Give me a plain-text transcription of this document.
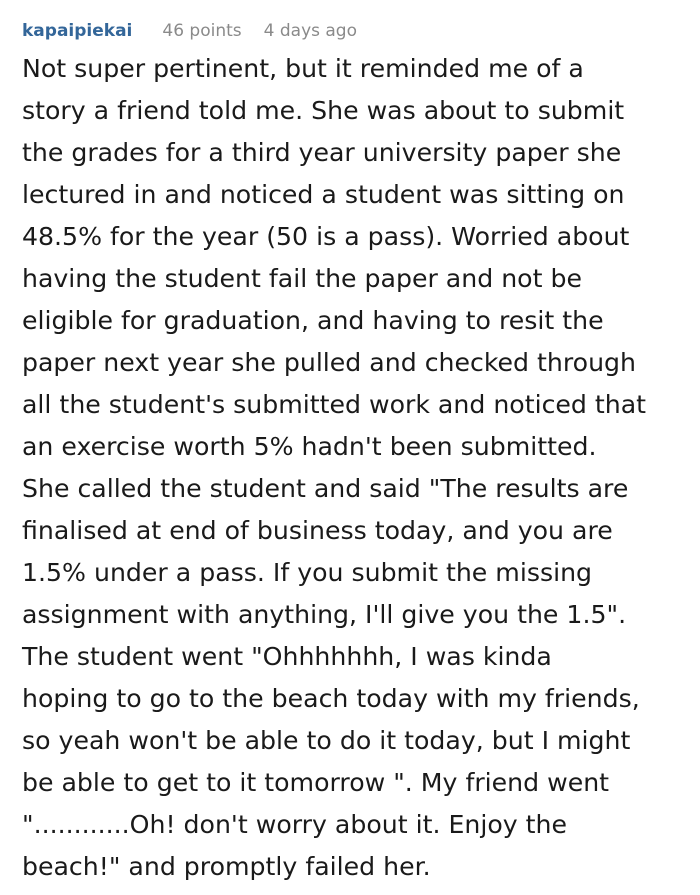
kapaipiekai 46 points 4 days ago

Not super pertinent, but it reminded me of a
story a friend told me. She was about to submit
the grades for a third year university paper she
lectured in and noticed a student was sitting on
48.5% for the year (50 is a pass). Worried about
having the student fail the paper and not be
eligible for graduation, and having to resit the
paper next year she pulled and checked through
all the student's submitted work and noticed that
an exercise worth 5% hadn't been submitted.
She called the student and said "The results are
finalised at end of business today, and you are
1.5% under a pass. If you submit the missing
assignment with anything, I'll give you the 1.5".
The student went "Ohhhhhhh, I was kinda
hoping to go to the beach today with my friends,
so yeah won't be able to do it today, but I might
be able to get to it tomorrow ". My friend went
"............Oh! don't worry about it. Enjoy the
beach!" and promptly failed her.
